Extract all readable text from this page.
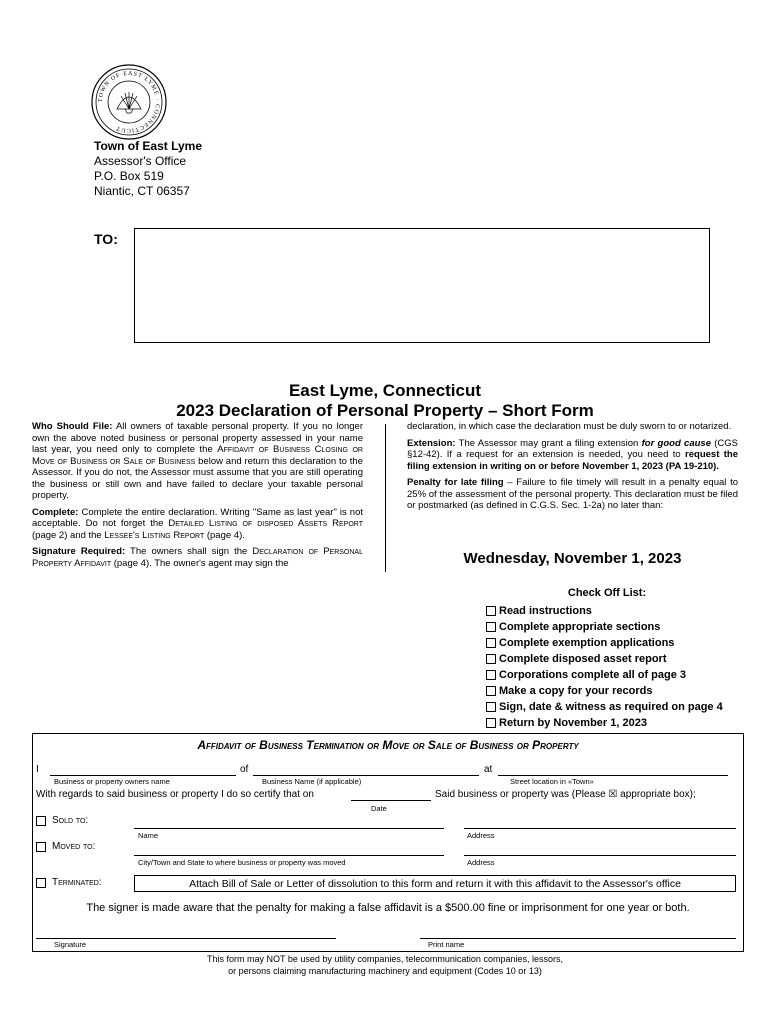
TOWN OF EAST LYME · CONNECTICUT
Town of East Lyme
Assessor's Office
P.O. Box 519
Niantic, CT 06357
TO:
East Lyme, Connecticut
2023 Declaration of Personal Property – Short Form

Who Should File: All owners of taxable personal property. If you no longer own the above noted business or personal property assessed in your name last year, you need only to complete the Affidavit of Business Closing or Move of Business or Sale of Business below and return this declaration to the Assessor. If you do not, the Assessor must assume that you are still operating the business or still own and have failed to declare your taxable personal property.

Complete: Complete the entire declaration. Writing "Same as last year" is not acceptable. Do not forget the Detailed Listing of disposed Assets Report (page 2) and the Lessee's Listing Report (page 4).

Signature Required: The owners shall sign the Declaration of Personal Property Affidavit (page 4). The owner's agent may sign the

declaration, in which case the declaration must be duly sworn to or notarized.

Extension: The Assessor may grant a filing extension for good cause (CGS §12-42). If a request for an extension is needed, you need to request the filing extension in writing on or before November 1, 2023 (PA 19-210).

Penalty for late filing – Failure to file timely will result in a penalty equal to 25% of the assessment of the personal property. This declaration must be filed or postmarked (as defined in C.G.S. Sec. 1-2a) no later than:

Wednesday, November 1, 2023
Check Off List:
Read instructions
Complete appropriate sections
Complete exemption applications
Complete disposed asset report
Corporations complete all of page 3
Make a copy for your records
Sign, date & witness as required on page 4
Return by November 1, 2023
Affidavit of Business Termination or Move or Sale of Business or Property
I	of	at
Business or property owners name	Business Name (if applicable)	Street location in «Town»
With regards to said business or property I do so certify that on	Said business or property was (Please ☒ appropriate box);
Date
Sold to:
Name	Address
Moved to:
City/Town and State to where business or property was moved	Address
Terminated:	Attach Bill of Sale or Letter of dissolution to this form and return it with this affidavit to the Assessor's office
The signer is made aware that the penalty for making a false affidavit is a $500.00 fine or imprisonment for one year or both.
Signature	Print name
This form may NOT be used by utility companies, telecommunication companies, lessors,
or persons claiming manufacturing machinery and equipment (Codes 10 or 13)
